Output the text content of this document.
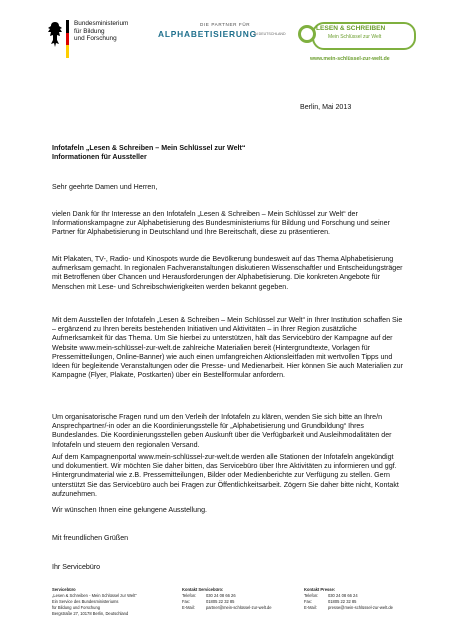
Bundesministerium
für Bildung
und Forschung
DIE PARTNER FÜR
ALPHABETISIERUNG
IN DEUTSCHLAND
LESEN & SCHREIBEN
Mein Schlüssel zur Welt
www.mein-schlüssel-zur-welt.de
Berlin, Mai 2013
Infotafeln „Lesen & Schreiben – Mein Schlüssel zur Welt“
Informationen für Aussteller
Sehr geehrte Damen und Herren,
vielen Dank für Ihr Interesse an den Infotafeln „Lesen & Schreiben – Mein Schlüssel zur Welt“ der Informationskampagne zur Alphabetisierung des Bundesministeriums für Bildung und Forschung und seiner Partner für Alphabetisierung in Deutschland und Ihre Bereitschaft, diese zu präsentieren.
Mit Plakaten, TV-, Radio- und Kinospots wurde die Bevölkerung bundesweit auf das Thema Alphabetisierung aufmerksam gemacht. In regionalen Fachveranstaltungen diskutieren Wissenschaftler und Entscheidungsträger mit Betroffenen über Chancen und Herausforderungen der Alphabetisierung. Die konkreten Angebote für Menschen mit Lese- und Schreibschwierigkeiten werden bekannt gegeben.
Mit dem Ausstellen der Infotafeln „Lesen & Schreiben – Mein Schlüssel zur Welt“ in Ihrer Institution schaffen Sie – ergänzend zu Ihren bereits bestehenden Initiativen und Aktivitäten – in Ihrer Region zusätzliche Aufmerksamkeit für das Thema. Um Sie hierbei zu unterstützen, hält das Servicebüro der Kampagne auf der Website www.mein-schlüssel-zur-welt.de zahlreiche Materialien bereit (Hintergrundtexte, Vorlagen für Pressemitteilungen, Online-Banner) wie auch einen umfangreichen Aktionsleitfaden mit wertvollen Tipps und Ideen für begleitende Veranstaltungen oder die Presse- und Medienarbeit. Hier können Sie auch Materialien zur Kampagne (Flyer, Plakate, Postkarten) über ein Bestellformular anfordern.
Um organisatorische Fragen rund um den Verleih der Infotafeln zu klären, wenden Sie sich bitte an Ihre/n Ansprechpartner/-in oder an die Koordinierungsstelle für „Alphabetisierung und Grundbildung“ Ihres Bundeslandes. Die Koordinierungsstellen geben Auskunft über die Verfügbarkeit und Ausleihmodalitäten der Infotafeln und steuern den regionalen Versand.
Auf dem Kampagnenportal www.mein-schlüssel-zur-welt.de werden alle Stationen der Infotafeln angekündigt und dokumentiert. Wir möchten Sie daher bitten, das Servicebüro über Ihre Aktivitäten zu informieren und ggf. Hintergrundmaterial wie z.B. Pressemitteilungen, Bilder oder Medienberichte zur Verfügung zu stellen. Gern unterstützt Sie das Servicebüro auch bei Fragen zur Öffentlichkeitsarbeit. Zögern Sie daher bitte nicht, Kontakt aufzunehmen.
Wir wünschen Ihnen eine gelungene Ausstellung.
Mit freundlichen Grüßen
Ihr Servicebüro
Servicebüro
„Lesen & Schreiben - Mein Schlüssel zur Welt“
Ein Service des Bundesministeriums
für Bildung und Forschung
Bergstraße 27, 10178 Berlin, Deutschland
Kontakt Servicebüro:
Telefon: 030 24 08 66 26
Fax:	01805 22 32 85
E-Mail:	partner@mein-schlüssel-zur-welt.de
Kontakt Presse:
Telefon: 030 24 08 66 24
Fax:	01805 22 32 85
E-Mail:	presse@mein-schlüssel-zur-welt.de
